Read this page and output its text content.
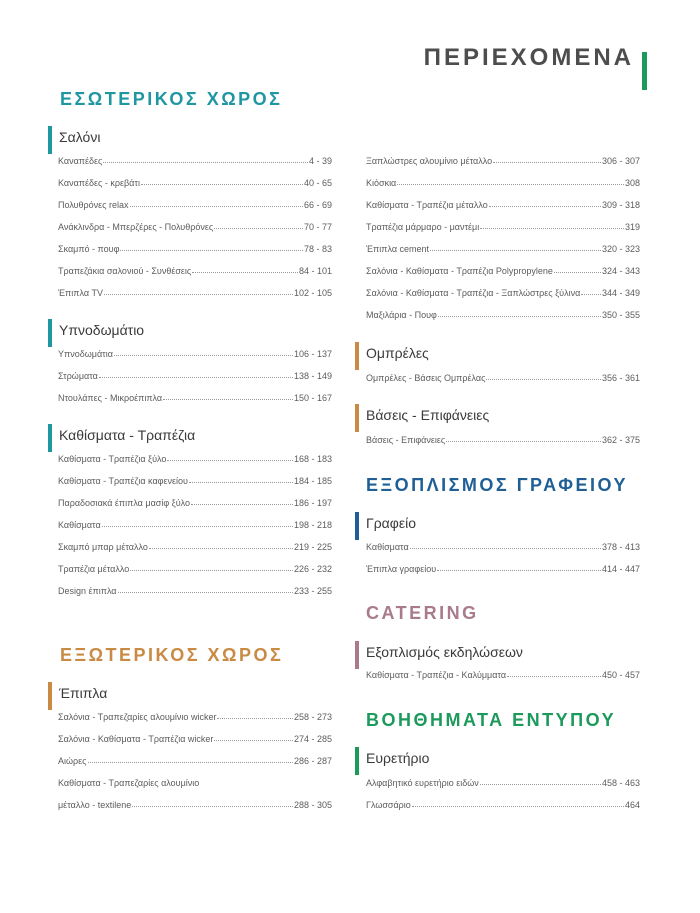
ΠΕΡΙΕΧΟΜΕΝΑ
ΕΣΩΤΕΡΙΚΟΣ ΧΩΡΟΣ
ΕΞΩΤΕΡΙΚΟΣ ΧΩΡΟΣ
ΕΞΟΠΛΙΣΜΟΣ ΓΡΑΦΕΙΟΥ
CATERING
ΒΟΗΘΗΜΑΤΑ ΕΝΤΥΠΟΥ
Σαλόνι
Υπνοδωμάτιο
Καθίσματα - Τραπέζια
Έπιπλα
Ομπρέλες
Βάσεις - Επιφάνειες
Γραφείο
Εξοπλισμός εκδηλώσεων
Ευρετήριο
Καναπέδες	4 - 39
Καναπέδες - κρεβάτι	40 - 65
Πολυθρόνες relax	66 - 69
Ανάκλινδρα - Μπερζέρες - Πολυθρόνες	70 - 77
Σκαμπό - πουφ	78 - 83
Τραπεζάκια σαλονιού - Συνθέσεις	84 - 101
Έπιπλα TV	102 - 105
Υπνοδωμάτια	106 - 137
Στρώματα	138 - 149
Ντουλάπες - Μικροέπιπλα	150 - 167
Καθίσματα - Τραπέζια ξύλο	168 - 183
Καθίσματα - Τραπέζια καφενείου	184 - 185
Παραδοσιακά έπιπλα μασίφ ξύλο	186 - 197
Καθίσματα	198 - 218
Σκαμπό μπαρ μέταλλο	219 - 225
Τραπέζια μέταλλο	226 - 232
Design έπιπλα	233 - 255
Σαλόνια - Τραπεζαρίες αλουμίνιο wicker	258 - 273
Σαλόνια - Καθίσματα - Τραπέζια wicker	274 - 285
Αιώρες	286 - 287
Καθίσματα - Τραπεζαρίες αλουμίνιο
μέταλλο - textilene	288 - 305
Ξαπλώστρες αλουμίνιο μέταλλο	306 - 307
Κιόσκια	308
Καθίσματα - Τραπέζια μέταλλο	309 - 318
Τραπέζια μάρμαρο - μαντέμι	319
Έπιπλα cement	320 - 323
Σαλόνια - Καθίσματα - Τραπέζια Polypropylene	324 - 343
Σαλόνια - Καθίσματα - Τραπέζια - Ξαπλώστρες ξύλινα 344 - 349
Μαξιλάρια - Πουφ	350 - 355
Ομπρέλες - Βάσεις Ομπρέλας	356 - 361
Βάσεις - Επιφάνειες	362 - 375
Καθίσματα	378 - 413
Έπιπλα γραφείου	414 - 447
Καθίσματα - Τραπέζια - Καλύμματα	450 - 457
Αλφαβητικό ευρετήριο ειδών	458 - 463
Γλωσσάριο	464
